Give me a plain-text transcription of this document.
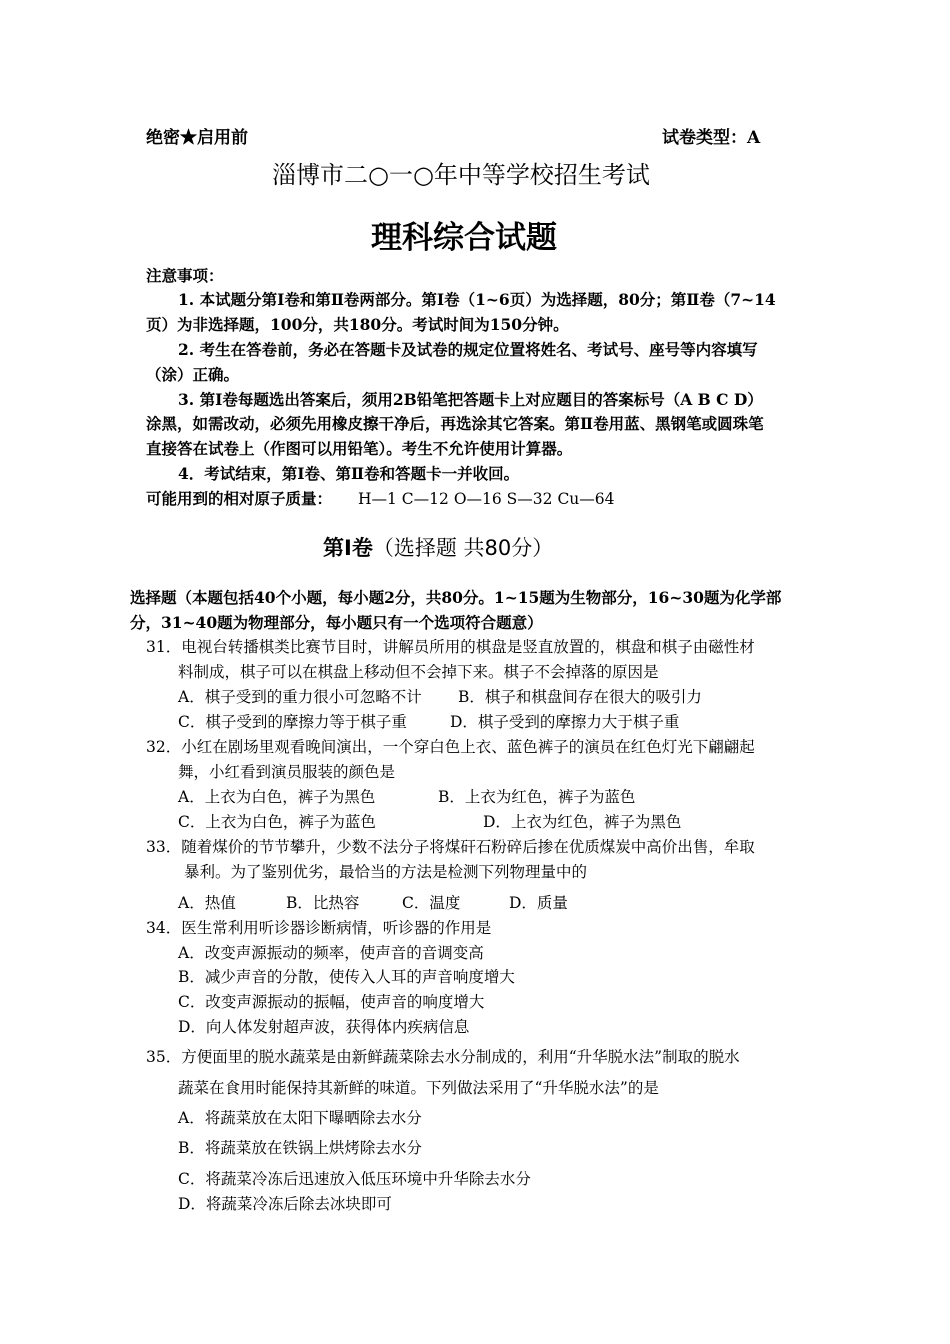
绝密★启用前	试卷类型：A
淄博市二○一○年中等学校招生考试
理科综合试题
注意事项：
1. 本试题分第Ⅰ卷和第Ⅱ卷两部分。第Ⅰ卷（1~6页）为选择题，80分；第Ⅱ卷（7~14
页）为非选择题，100分，共180分。考试时间为150分钟。
2. 考生在答卷前，务必在答题卡及试卷的规定位置将姓名、考试号、座号等内容填写
（涂）正确。
3. 第Ⅰ卷每题选出答案后，须用2B铅笔把答题卡上对应题目的答案标号（A B C D）
涂黑，如需改动，必须先用橡皮擦干净后，再选涂其它答案。第Ⅱ卷用蓝、黑钢笔或圆珠笔
直接答在试卷上（作图可以用铅笔）。考生不允许使用计算器。
4．考试结束，第Ⅰ卷、第Ⅱ卷和答题卡一并收回。
可能用到的相对原子质量： H—1 C—12 O—16 S—32 Cu—64
第Ⅰ卷（选择题 共80分）
选择题（本题包括40个小题，每小题2分，共80分。1~15题为生物部分，16~30题为化学部
分，31~40题为物理部分，每小题只有一个选项符合题意）
31．电视台转播棋类比赛节目时，讲解员所用的棋盘是竖直放置的，棋盘和棋子由磁性材
料制成，棋子可以在棋盘上移动但不会掉下来。棋子不会掉落的原因是
A．棋子受到的重力很小可忽略不计 B．棋子和棋盘间存在很大的吸引力
C．棋子受到的摩擦力等于棋子重	D．棋子受到的摩擦力大于棋子重
32．小红在剧场里观看晚间演出，一个穿白色上衣、蓝色裤子的演员在红色灯光下翩翩起
舞，小红看到演员服装的颜色是
A．上衣为白色，裤子为黑色	B．上衣为红色，裤子为蓝色
C．上衣为白色，裤子为蓝色	D．上衣为红色，裤子为黑色
33．随着煤价的节节攀升，少数不法分子将煤矸石粉碎后掺在优质煤炭中高价出售，牟取
暴利。为了鉴别优劣，最恰当的方法是检测下列物理量中的
A．热值	B．比热容	C．温度	D．质量
34．医生常利用听诊器诊断病情，听诊器的作用是
A．改变声源振动的频率，使声音的音调变高
B．减少声音的分散，使传入人耳的声音响度增大
C．改变声源振动的振幅，使声音的响度增大
D．向人体发射超声波，获得体内疾病信息
35．方便面里的脱水蔬菜是由新鲜蔬菜除去水分制成的，利用“升华脱水法”制取的脱水
蔬菜在食用时能保持其新鲜的味道。下列做法采用了“升华脱水法”的是
A．将蔬菜放在太阳下曝晒除去水分
B．将蔬菜放在铁锅上烘烤除去水分
C．将蔬菜冷冻后迅速放入低压环境中升华除去水分
D．将蔬菜冷冻后除去冰块即可
